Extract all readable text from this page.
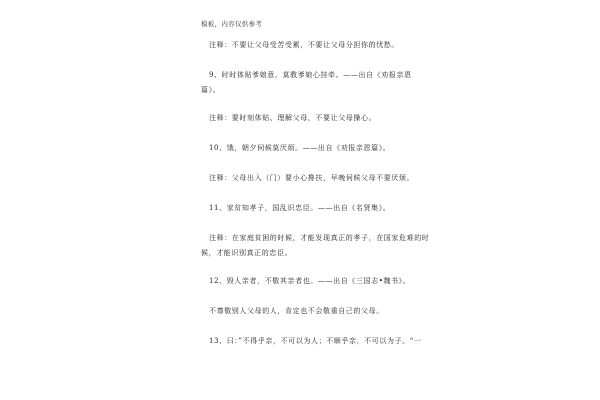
模板，内容仅供参考
注释：不要让父母受苦受累，不要让父母分担你的忧愁。
9、时时体贴爹娘意，莫教爹娘心挂牵。——出自《劝报亲恩
篇》。
注释：要时刻体贴、理解父母，不要让父母操心。
10、饿，朝夕伺候莫厌烦。——出自《劝报亲恩篇》。
注释：父母出入（门）要小心搀扶，早晚伺候父母不要厌烦。
11、家贫知孝子，国乱识忠臣。——出自《名贤集》。
注释：在家庭贫困的时候，才能发现真正的孝子，在国家危难的时
候，才能识别真正的忠臣。
12、毁人亲者，不敬其亲者也。——出自《三国志•魏书》。
不尊敬别人父母的人，肯定也不会敬重自己的父母。
13、曰：”不得乎亲，不可以为人；不顺乎亲，不可以为子。“一
